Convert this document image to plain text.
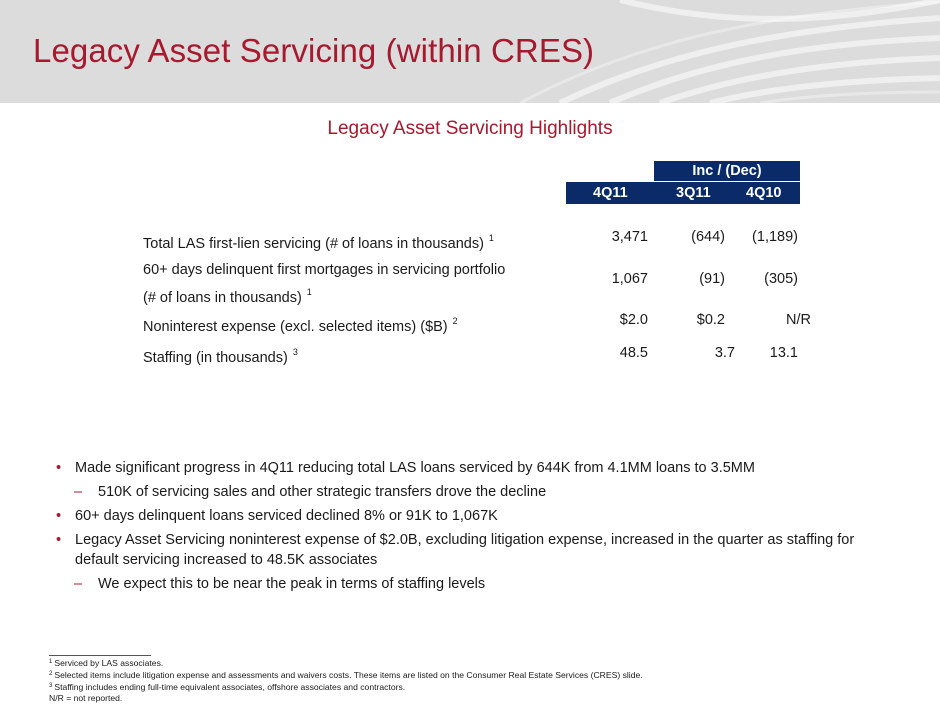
Legacy Asset Servicing (within CRES)
Legacy Asset Servicing Highlights
Inc / (Dec)
4Q11	3Q11 4Q10
Total LAS first-lien servicing (# of loans in thousands) $^1$	3,471	(644) (1,189)
60+ days delinquent first mortgages in servicing portfolio
(# of loans in thousands) $^1$
1,067	(91)	(305)
Noninterest expense (excl. selected items) ($B) $^2$	$2.0	$0.2	N/R
Staffing (in thousands) $^3$	48.5	3.7 13.1
• Made significant progress in 4Q11 reducing total LAS loans serviced by 644K from 4.1MM loans to 3.5MM
– 510K of servicing sales and other strategic transfers drove the decline
• 60+ days delinquent loans serviced declined 8% or 91K to 1,067K
• Legacy Asset Servicing noninterest expense of $2.0B, excluding litigation expense, increased in the quarter as staffing for default servicing increased to 48.5K associates
– We expect this to be near the peak in terms of staffing levels
$^1$ Serviced by LAS associates.
$^2$ Selected items include litigation expense and assessments and waivers costs. These items are listed on the Consumer Real Estate Services (CRES) slide.
$^3$ Staffing includes ending full-time equivalent associates, offshore associates and contractors.
N/R = not reported.
